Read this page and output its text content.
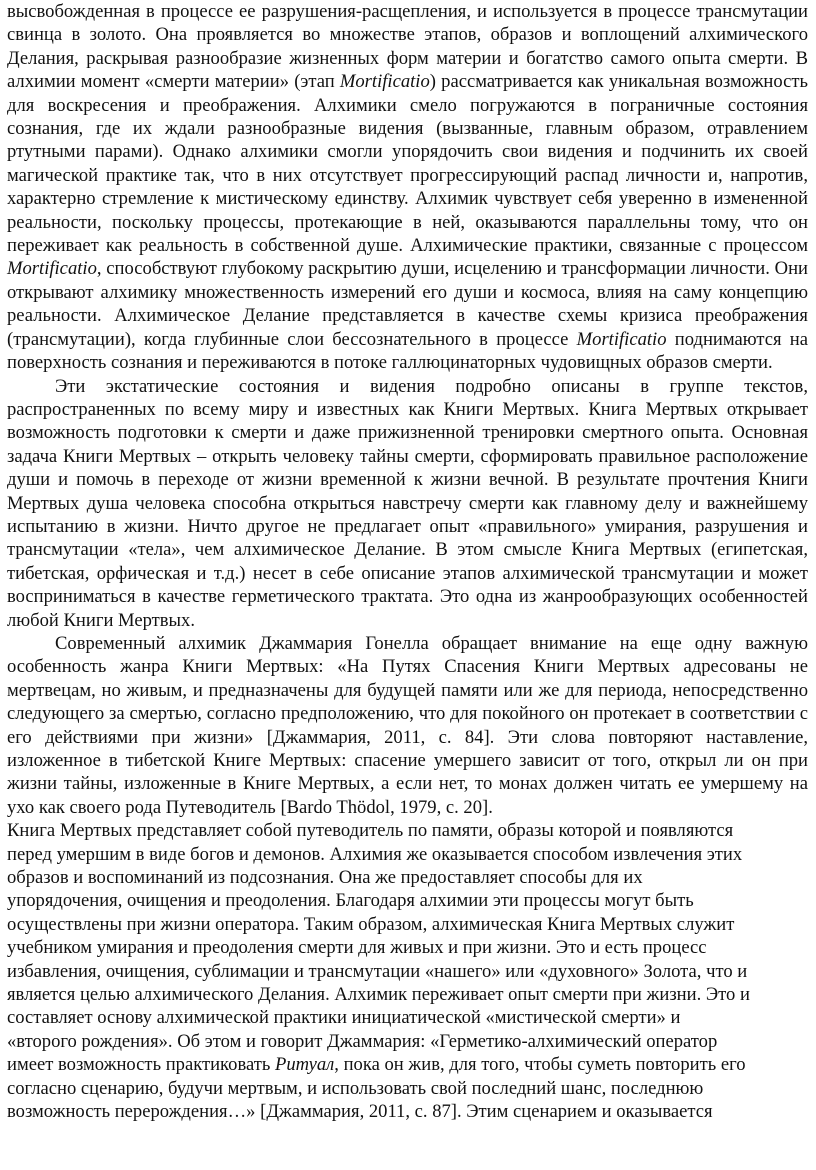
высвобожденная в процессе ее разрушения-расщепления, и используется в процессе трансмутации свинца в золото. Она проявляется во множестве этапов, образов и воплощений алхимического Делания, раскрывая разнообразие жизненных форм материи и богатство самого опыта смерти. В алхимии момент «смерти материи» (этап Mortificatio) рассматривается как уникальная возможность для воскресения и преображения. Алхимики смело погружаются в пограничные состояния сознания, где их ждали разнообразные видения (вызванные, главным образом, отравлением ртутными парами). Однако алхимики смогли упорядочить свои видения и подчинить их своей магической практике так, что в них отсутствует прогрессирующий распад личности и, напротив, характерно стремление к мистическому единству. Алхимик чувствует себя уверенно в измененной реальности, поскольку процессы, протекающие в ней, оказываются параллельны тому, что он переживает как реальность в собственной душе. Алхимические практики, связанные с процессом Mortificatio, способствуют глубокому раскрытию души, исцелению и трансформации личности. Они открывают алхимику множественность измерений его души и космоса, влияя на саму концепцию реальности. Алхимическое Делание представляется в качестве схемы кризиса преображения (трансмутации), когда глубинные слои бессознательного в процессе Mortificatio поднимаются на поверхность сознания и переживаются в потоке галлюцинаторных чудовищных образов смерти.

Эти экстатические состояния и видения подробно описаны в группе текстов, распространенных по всему миру и известных как Книги Мертвых. Книга Мертвых открывает возможность подготовки к смерти и даже прижизненной тренировки смертного опыта. Основная задача Книги Мертвых – открыть человеку тайны смерти, сформировать правильное расположение души и помочь в переходе от жизни временной к жизни вечной. В результате прочтения Книги Мертвых душа человека способна открыться навстречу смерти как главному делу и важнейшему испытанию в жизни. Ничто другое не предлагает опыт «правильного» умирания, разрушения и трансмутации «тела», чем алхимическое Делание. В этом смысле Книга Мертвых (египетская, тибетская, орфическая и т.д.) несет в себе описание этапов алхимической трансмутации и может восприниматься в качестве герметического трактата. Это одна из жанрообразующих особенностей любой Книги Мертвых.

Современный алхимик Джаммария Гонелла обращает внимание на еще одну важную особенность жанра Книги Мертвых: «На Путях Спасения Книги Мертвых адресованы не мертвецам, но живым, и предназначены для будущей памяти или же для периода, непосредственно следующего за смертью, согласно предположению, что для покойного он протекает в соответствии с его действиями при жизни» [Джаммария, 2011, с. 84]. Эти слова повторяют наставление, изложенное в тибетской Книге Мертвых: спасение умершего зависит от того, открыл ли он при жизни тайны, изложенные в Книге Мертвых, а если нет, то монах должен читать ее умершему на ухо как своего рода Путеводитель [Bardo Thödol, 1979, с. 20].

Книга Мертвых представляет собой путеводитель по памяти, образы которой и появляются
перед умершим в виде богов и демонов. Алхимия же оказывается способом извлечения этих
образов и воспоминаний из подсознания. Она же предоставляет способы для их
упорядочения, очищения и преодоления. Благодаря алхимии эти процессы могут быть
осуществлены при жизни оператора. Таким образом, алхимическая Книга Мертвых служит
учебником умирания и преодоления смерти для живых и при жизни. Это и есть процесс
избавления, очищения, сублимации и трансмутации «нашего» или «духовного» Золота, что и
является целью алхимического Делания. Алхимик переживает опыт смерти при жизни. Это и
составляет основу алхимической практики инициатической «мистической смерти» и
«второго рождения». Об этом и говорит Джаммария: «Герметико-алхимический оператор
имеет возможность практиковать Ритуал, пока он жив, для того, чтобы суметь повторить его
согласно сценарию, будучи мертвым, и использовать свой последний шанс, последнюю
возможность перерождения…» [Джаммария, 2011, с. 87]. Этим сценарием и оказывается
